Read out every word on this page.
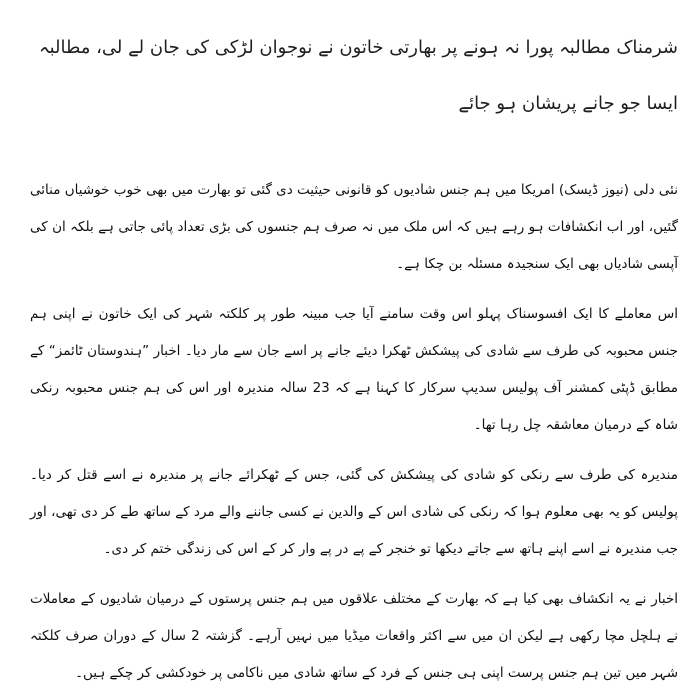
شرمناک مطالبہ پورا نہ ہونے پر بھارتی خاتون نے نوجوان لڑکی کی جان لے لی، مطالبہ ایسا جو جانے پریشان ہو جائے

نئی دلی (نیوز ڈیسک) امریکا میں ہم جنس شادیوں کو قانونی حیثیت دی گئی تو بھارت میں بھی خوب خوشیاں منائی گئیں، اور اب انکشافات ہو رہے ہیں کہ اس ملک میں نہ صرف ہم جنسوں کی بڑی تعداد پائی جاتی ہے بلکہ ان کی آپسی شادیاں بھی ایک سنجیدہ مسئلہ بن چکا ہے۔

اس معاملے کا ایک افسوسناک پہلو اس وقت سامنے آیا جب مبینہ طور پر کلکتہ شہر کی ایک خاتون نے اپنی ہم جنس محبوبہ کی طرف سے شادی کی پیشکش ٹھکرا دیئے جانے پر اسے جان سے مار دیا۔ اخبار ”ہندوستان ٹائمز“ کے مطابق ڈپٹی کمشنر آف پولیس سدیپ سرکار کا کہنا ہے کہ 23 سالہ مندیرہ اور اس کی ہم جنس محبوبہ رنکی شاہ کے درمیان معاشقہ چل رہا تھا۔

مندیرہ کی طرف سے رنکی کو شادی کی پیشکش کی گئی، جس کے ٹھکرائے جانے پر مندیرہ نے اسے قتل کر دیا۔ پولیس کو یہ بھی معلوم ہوا کہ رنکی کی شادی اس کے والدین نے کسی جاننے والے مرد کے ساتھ طے کر دی تھی، اور جب مندیرہ نے اسے اپنے ہاتھ سے جاتے دیکھا تو خنجر کے پے در پے وار کر کے اس کی زندگی ختم کر دی۔

اخبار نے یہ انکشاف بھی کیا ہے کہ بھارت کے مختلف علاقوں میں ہم جنس پرستوں کے درمیان شادیوں کے معاملات نے ہلچل مچا رکھی ہے لیکن ان میں سے اکثر واقعات میڈیا میں نہیں آرہے۔ گزشتہ 2 سال کے دوران صرف کلکتہ شہر میں تین ہم جنس پرست اپنی ہی جنس کے فرد کے ساتھ شادی میں ناکامی پر خودکشی کر چکے ہیں۔
